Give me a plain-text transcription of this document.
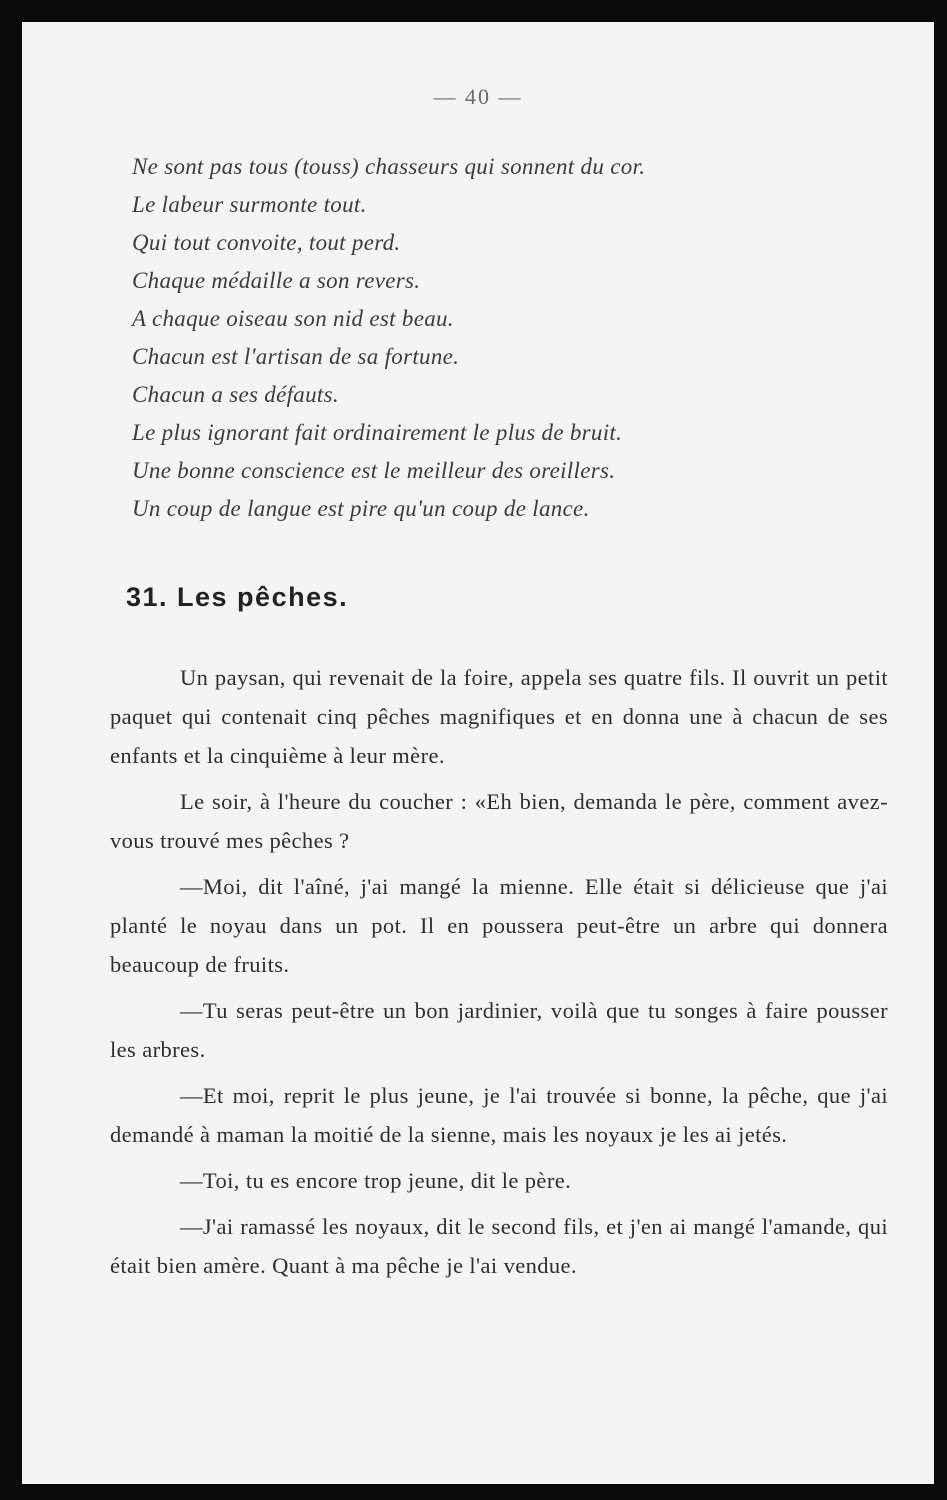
— 40 —
Ne sont pas tous (touss) chasseurs qui sonnent du cor.
Le labeur surmonte tout.
Qui tout convoite, tout perd.
Chaque médaille a son revers.
A chaque oiseau son nid est beau.
Chacun est l'artisan de sa fortune.
Chacun a ses défauts.
Le plus ignorant fait ordinairement le plus de bruit.
Une bonne conscience est le meilleur des oreillers.
Un coup de langue est pire qu'un coup de lance.
31. Les pêches.

Un paysan, qui revenait de la foire, appela ses quatre fils. Il ouvrit un petit paquet qui contenait cinq pêches magnifiques et en donna une à chacun de ses enfants et la cinquième à leur mère.

Le soir, à l'heure du coucher : «Eh bien, demanda le père, comment avez-vous trouvé mes pêches ?

—Moi, dit l'aîné, j'ai mangé la mienne. Elle était si délicieuse que j'ai planté le noyau dans un pot. Il en poussera peut-être un arbre qui donnera beaucoup de fruits.

—Tu seras peut-être un bon jardinier, voilà que tu songes à faire pousser les arbres.

—Et moi, reprit le plus jeune, je l'ai trouvée si bonne, la pêche, que j'ai demandé à maman la moitié de la sienne, mais les noyaux je les ai jetés.

—Toi, tu es encore trop jeune, dit le père.

—J'ai ramassé les noyaux, dit le second fils, et j'en ai mangé l'amande, qui était bien amère. Quant à ma pêche je l'ai vendue.
